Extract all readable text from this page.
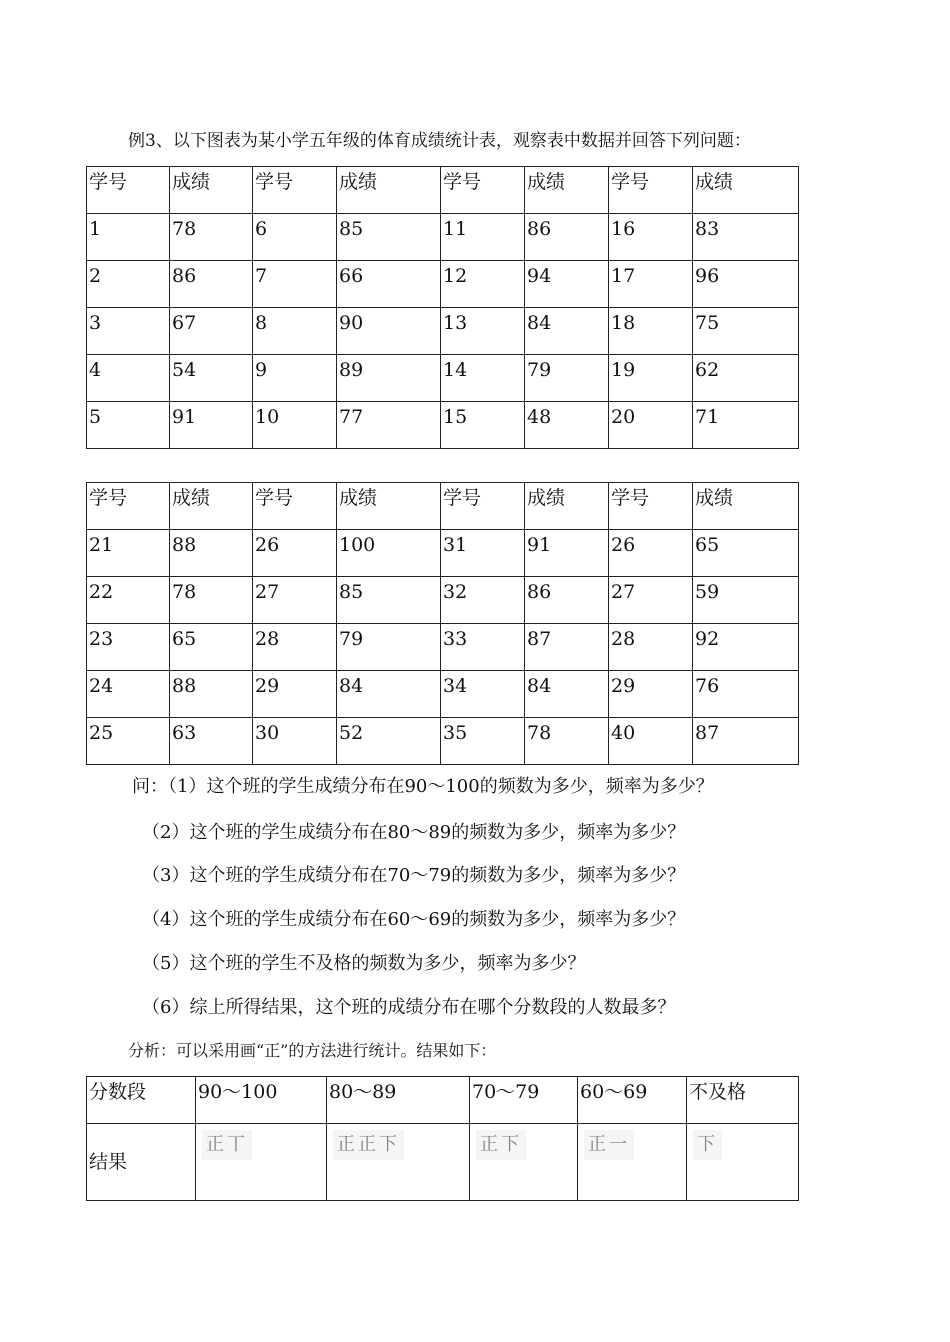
例3、以下图表为某小学五年级的体育成绩统计表，观察表中数据并回答下列问题：
学号	成绩	学号	成绩	学号	成绩	学号	成绩
1	78	6	85	11	86	16	83
2	86	7	66	12	94	17	96
3	67	8	90	13	84	18	75
4	54	9	89	14	79	19	62
5	91	10	77	15	48	20	71
学号	成绩	学号	成绩	学号	成绩	学号	成绩
21	88	26	100	31	91	26	65
22	78	27	85	32	86	27	59
23	65	28	79	33	87	28	92
24	88	29	84	34	84	29	76
25	63	30	52	35	78	40	87
问：（1）这个班的学生成绩分布在90～100的频数为多少，频率为多少？
（2）这个班的学生成绩分布在80～89的频数为多少，频率为多少？
（3）这个班的学生成绩分布在70～79的频数为多少，频率为多少？
（4）这个班的学生成绩分布在60～69的频数为多少，频率为多少？
（5）这个班的学生不及格的频数为多少，频率为多少？
（6）综上所得结果，这个班的成绩分布在哪个分数段的人数最多？
分析：可以采用画“正”的方法进行统计。结果如下：
分数段	90～100	80～89	70～79	60～69	不及格
结果	正丅	正正下	正下	正一	下
